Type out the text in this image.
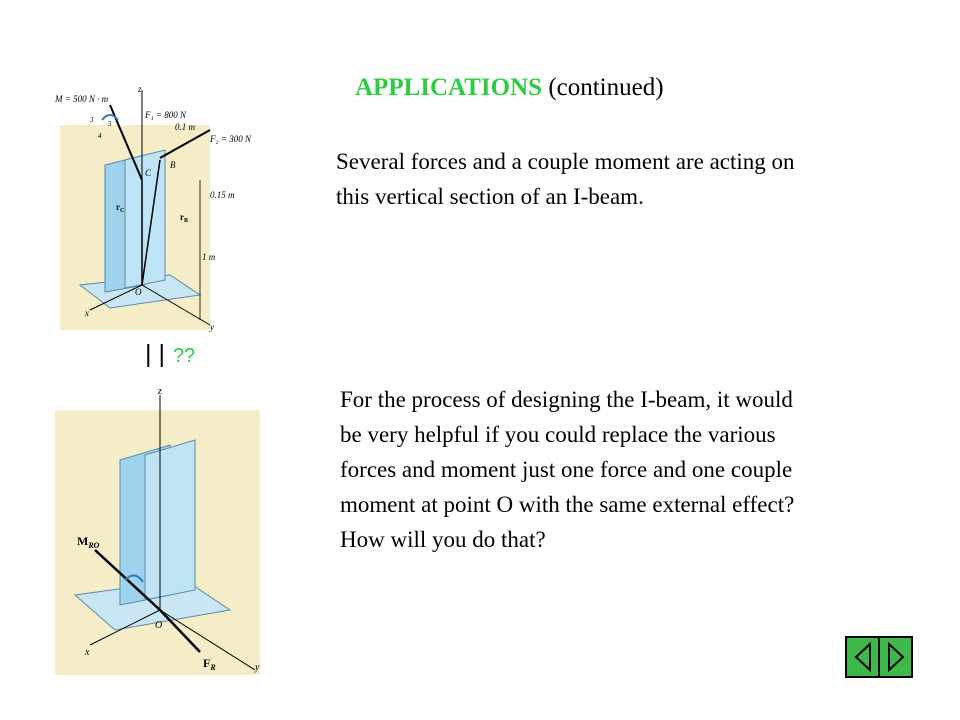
APPLICATIONS (continued)
Several forces and a couple moment are acting on this vertical section of an I-beam.
| | ??
For the process of designing the I-beam, it would be very helpful if you could replace the various forces and moment just one force and one couple moment at point O with the same external effect? How will you do that?
M = 500 N · m
z
F₁ = 800 N
0.1 m
F₂ = 300 N
3
4
5
B
C
0.15 m
$r_C$
$r_B$
1 m
O
x
y
z
$M_{RO}$
O
x
$F_R$	y
